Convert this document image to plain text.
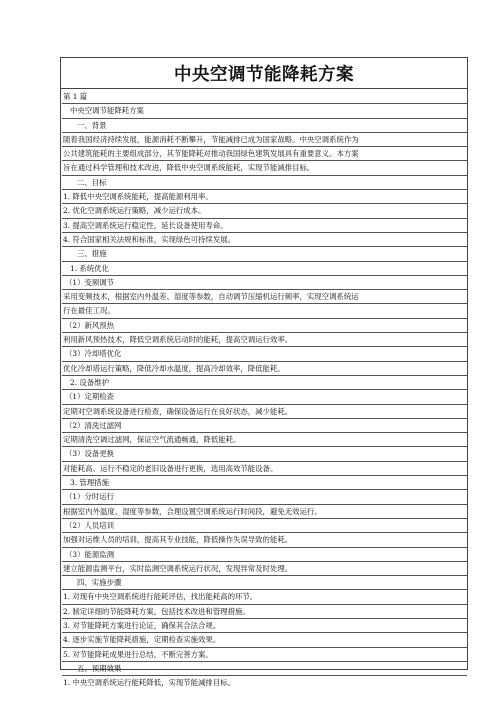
中央空调节能降耗方案
第 1 篇
中央空调节能降耗方案
一、背景
随着我国经济持续发展，能源消耗不断攀升，节能减排已成为国家战略。中央空调系统作为
公共建筑能耗的主要组成部分，其节能降耗对推动我国绿色建筑发展具有重要意义。本方案
旨在通过科学管理和技术改进，降低中央空调系统能耗，实现节能减排目标。
二、目标
1. 降低中央空调系统能耗，提高能源利用率。
2. 优化空调系统运行策略，减少运行成本。
3. 提高空调系统运行稳定性，延长设备使用寿命。
4. 符合国家相关法规和标准，实现绿色可持续发展。
三、措施
1. 系统优化
（1）变频调节
采用变频技术，根据室内外温差、湿度等参数，自动调节压缩机运行频率，实现空调系统运
行在最佳工况。
（2）新风预热
利用新风预热技术，降低空调系统启动时的能耗，提高空调运行效率。
（3）冷却塔优化
优化冷却塔运行策略，降低冷却水温度，提高冷却效率，降低能耗。
2. 设备维护
（1）定期检查
定期对空调系统设备进行检查，确保设备运行在良好状态，减少能耗。
（2）清洗过滤网
定期清洗空调过滤网，保证空气流通畅通，降低能耗。
（3）设备更换
对能耗高、运行不稳定的老旧设备进行更换，选用高效节能设备。
3. 管理措施
（1）分时运行
根据室内外温度、湿度等参数，合理设置空调系统运行时间段，避免无效运行。
（2）人员培训
加强对运维人员的培训，提高其专业技能，降低操作失误导致的能耗。
（3）能源监测
建立能源监测平台，实时监测空调系统运行状况，发现异常及时处理。
四、实施步骤
1. 对现有中央空调系统进行能耗评估，找出能耗高的环节。
2. 制定详细的节能降耗方案，包括技术改进和管理措施。
3. 对节能降耗方案进行论证，确保其合法合规。
4. 逐步实施节能降耗措施，定期检查实施效果。
5. 对节能降耗成果进行总结，不断完善方案。
五、预期效果
1. 中央空调系统运行能耗降低，实现节能减排目标。
